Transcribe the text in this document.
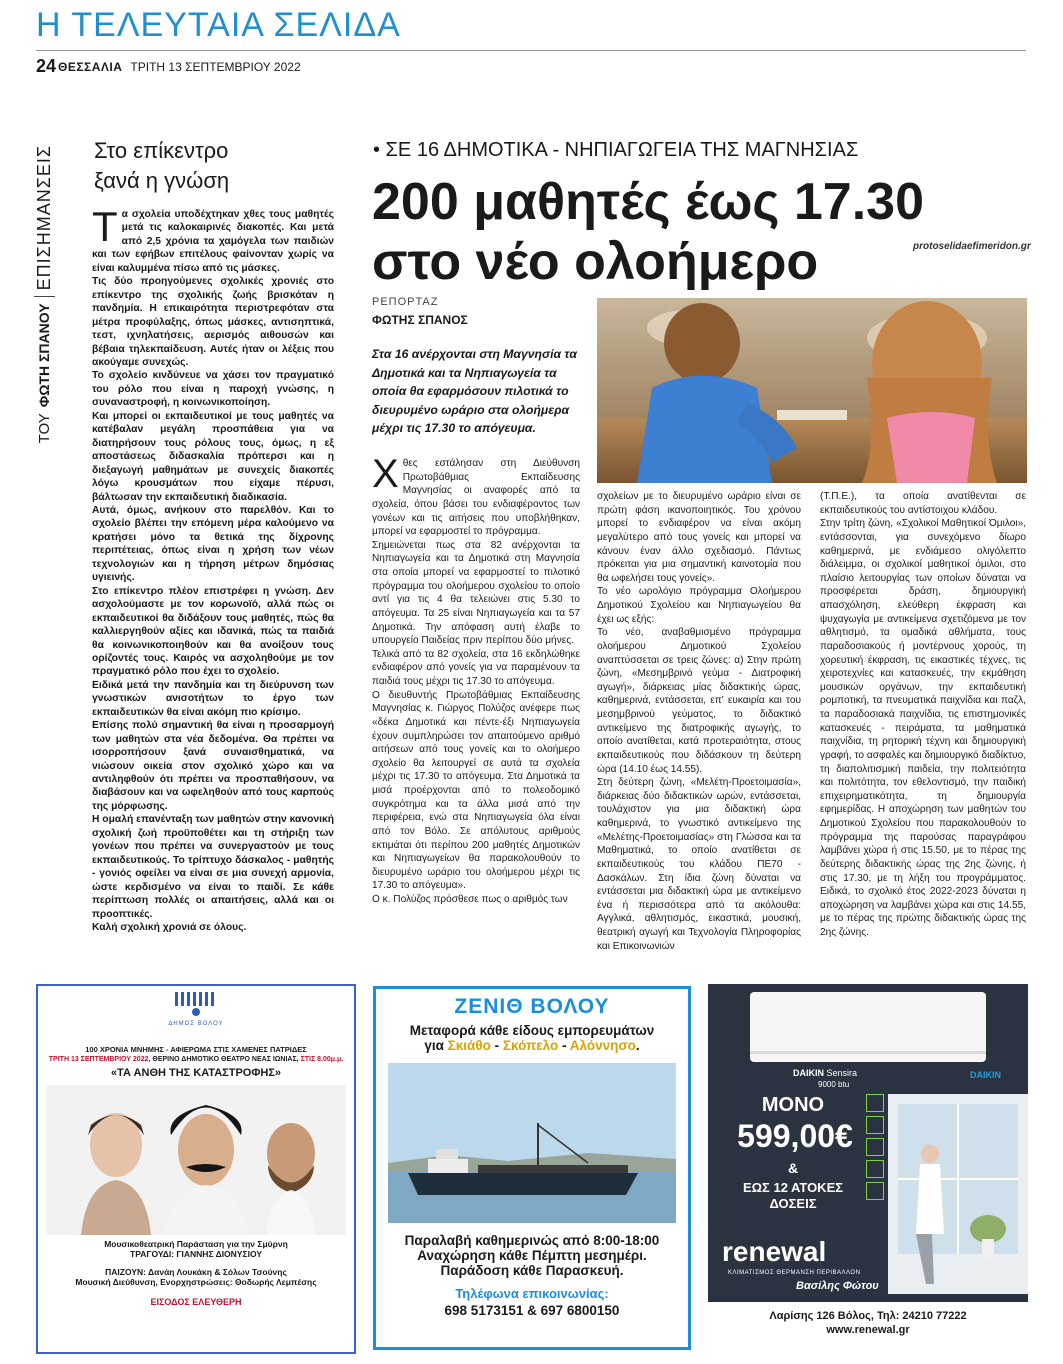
Η ΤΕΛΕΥΤΑΙΑ ΣΕΛΙΔΑ
24 ΘΕΣΣΑΛΙΑ ΤΡΙΤΗ 13 ΣΕΠΤΕΜΒΡΙΟΥ 2022
ΤΟΥ
ΦΩΤΗ ΣΠΑΝΟΥ
ΕΠΙΣΗΜΑΝΣΕΙΣ Στο επίκεντρο
ξανά η γνώση

Τα σχολεία υποδέχτηκαν χθες τους μαθητές μετά τις καλοκαιρινές διακοπές. Και μετά από 2,5 χρόνια τα χαμόγελα των παιδιών και των εφήβων επιτέλους φαίνονταν χωρίς να είναι καλυμμένα πίσω από τις μάσκες.

Τις δύο προηγούμενες σχολικές χρονιές στο επίκεντρο της σχολικής ζωής βρισκόταν η πανδημία. Η επικαιρότητα περιστρεφόταν στα μέτρα προφύλαξης, όπως μάσκες, αντισηπτικά, τεστ, ιχνηλατήσεις, αερισμός αιθουσών και βέβαια τηλεκπαίδευση. Αυτές ήταν οι λέξεις που ακούγαμε συνεχώς.

Το σχολείο κινδύνευε να χάσει τον πραγματικό του ρόλο που είναι η παροχή γνώσης, η συναναστροφή, η κοινωνικοποίηση.

Και μπορεί οι εκπαιδευτικοί με τους μαθητές να κατέβαλαν μεγάλη προσπάθεια για να διατηρήσουν τους ρόλους τους, όμως, η εξ αποστάσεως διδασκαλία πρόπερσι και η διεξαγωγή μαθημάτων με συνεχείς διακοπές λόγω κρουσμάτων που είχαμε πέρυσι, βάλτωσαν την εκπαιδευτική διαδικασία.

Αυτά, όμως, ανήκουν στο παρελθόν. Και το σχολείο βλέπει την επόμενη μέρα καλούμενο να κρατήσει μόνο τα θετικά της δίχρονης περιπέτειας, όπως είναι η χρήση των νέων τεχνολογιών και η τήρηση μέτρων δημόσιας υγιεινής.

Στο επίκεντρο πλέον επιστρέφει η γνώση. Δεν ασχολούμαστε με τον κορωνοϊό, αλλά πώς οι εκπαιδευτικοί θα διδάξουν τους μαθητές, πώς θα καλλιεργηθούν αξίες και ιδανικά, πώς τα παιδιά θα κοινωνικοποιηθούν και θα ανοίξουν τους ορίζοντές τους. Καιρός να ασχοληθούμε με τον πραγματικό ρόλο που έχει το σχολείο.

Ειδικά μετά την πανδημία και τη διεύρυνση των γνωστικών ανισοτήτων το έργο των εκπαιδευτικών θα είναι ακόμη πιο κρίσιμο.

Επίσης πολύ σημαντική θα είναι η προσαρμογή των μαθητών στα νέα δεδομένα. Θα πρέπει να ισορροπήσουν ξανά συναισθηματικά, να νιώσουν οικεία στον σχολικό χώρο και να αντιληφθούν ότι πρέπει να προσπαθήσουν, να διαβάσουν και να ωφεληθούν από τους καρπούς της μόρφωσης.

Η ομαλή επανένταξη των μαθητών στην κανονική σχολική ζωή προϋποθέτει και τη στήριξη των γονέων που πρέπει να συνεργαστούν με τους εκπαιδευτικούς. Το τρίπτυχο δάσκαλος - μαθητής - γονιός οφείλει να είναι σε μια συνεχή αρμονία, ώστε κερδισμένο να είναι το παιδί. Σε κάθε περίπτωση πολλές οι απαιτήσεις, αλλά και οι προοπτικές.

Καλή σχολική χρονιά σε όλους.

• ΣΕ 16 ΔΗΜΟΤΙΚΑ - ΝΗΠΙΑΓΩΓΕΙΑ ΤΗΣ ΜΑΓΝΗΣΙΑΣ
200 μαθητές έως 17.30
στο νέο ολοήμερο	protoselidaefimeridon.gr
ΡΕΠΟΡΤΑΖ
ΦΩΤΗΣ ΣΠΑΝΟΣ
Στα 16 ανέρχονται στη Μαγνησία τα Δημοτικά και τα Νηπιαγωγεία τα οποία θα εφαρμόσουν πιλοτικά το διευρυμένο ωράριο στα ολοήμερα μέχρι τις 17.30 το απόγευμα.

Χθες εστάλησαν στη Διεύθυνση Πρωτοβάθμιας Εκπαίδευσης Μαγνησίας οι αναφορές από τα σχολεία, όπου βάσει του ενδιαφέροντος των γονέων και τις αιτήσεις που υποβλήθηκαν, μπορεί να εφαρμοστεί το πρόγραμμα.

Σημειώνεται πως στα 82 ανέρχονται τα Νηπιαγωγεία και τα Δημοτικά στη Μαγνησία στα οποία μπορεί να εφαρμοστεί το πιλοτικό πρόγραμμα του ολοήμερου σχολείου το οποίο αντί για τις 4 θα τελειώνει στις 5.30 το απόγευμα. Τα 25 είναι Νηπιαγωγεία και τα 57 Δημοτικά. Την απόφαση αυτή έλαβε το υπουργείο Παιδείας πριν περίπου δύο μήνες.

Τελικά από τα 82 σχολεία, στα 16 εκδηλώθηκε ενδιαφέρον από γονείς για να παραμένουν τα παιδιά τους μέχρι τις 17.30 το απόγευμα.

Ο διευθυντής Πρωτοβάθμιας Εκπαίδευσης Μαγνησίας κ. Γιώργος Πολύζος ανέφερε πως «δέκα Δημοτικά και πέντε-έξι Νηπιαγωγεία έχουν συμπληρώσει τον απαιτούμενο αριθμό αιτήσεων από τους γονείς και το ολοήμερο σχολείο θα λειτουργεί σε αυτά τα σχολεία μέχρι τις 17.30 το απόγευμα. Στα Δημοτικά τα μισά προέρχονται από το πολεοδομικό συγκρότημα και τα άλλα μισά από την περιφέρεια, ενώ στα Νηπιαγωγεία όλα είναι από τον Βόλο. Σε απόλυτους αριθμούς εκτιμάται ότι περίπου 200 μαθητές Δημοτικών και Νηπιαγωγείων θα παρακολουθούν το διευρυμένο ωράριο του ολοήμερου μέχρι τις 17.30 το απόγευμα».

Ο κ. Πολύζος πρόσθεσε πως ο αριθμός των

σχολείων με το διευρυμένο ωράριο είναι σε πρώτη φάση ικανοποιητικός. Του χρόνου μπορεί το ενδιαφέρον να είναι ακόμη μεγαλύτερο από τους γονείς και μπορεί να κάνουν έναν άλλο σχεδιασμό. Πάντως πρόκειται για μια σημαντική καινοτομία που θα ωφελήσει τους γονείς».

Το νέο ωρολόγιο πρόγραμμα Ολοήμερου Δημοτικού Σχολείου και Νηπιαγωγείου θα έχει ως εξής:

Το νέο, αναβαθμισμένο πρόγραμμα ολοήμερου Δημοτικού Σχολείου αναπτύσσεται σε τρεις ζώνες: α) Στην πρώτη ζώνη, «Μεσημβρινό γεύμα - Διατροφική αγωγή», διάρκειας μίας διδακτικής ώρας, καθημερινά, εντάσσεται, επ' ευκαιρία και του μεσημβρινού γεύματος, το διδακτικό αντικείμενο της διατροφικής αγωγής, το οποίο ανατίθεται, κατά προτεραιότητα, στους εκπαιδευτικούς που διδάσκουν τη δεύτερη ώρα (14.10 έως 14.55).

Στη δεύτερη ζώνη, «Μελέτη-Προετοιμασία», διάρκειας δύο διδακτικών ωρών, εντάσσεται, τουλάχιστον για μια διδακτική ώρα καθημερινά, το γνωστικό αντικείμενο της «Μελέτης-Προετοιμασίας» στη Γλώσσα και τα Μαθηματικά, το οποίο ανατίθεται σε εκπαιδευτικούς του κλάδου ΠΕ70 - Δασκάλων. Στη ίδια ζώνη δύναται να εντάσσεται μια διδακτική ώρα με αντικείμενο ένα ή περισσότερα από τα ακόλουθα: Αγγλικά, αθλητισμός, εικαστικά, μουσική, θεατρική αγωγή και Τεχνολογία Πληροφορίας και Επικοινωνιών

(Τ.Π.Ε.), τα οποία ανατίθενται σε εκπαιδευτικούς του αντίστοιχου κλάδου.

Στην τρίτη ζώνη, «Σχολικοί Μαθητικοί Όμιλοι», εντάσσονται, για συνεχόμενο δίωρο καθημερινά, με ενδιάμεσο ολιγόλεπτο διάλειμμα, οι σχολικοί μαθητικοί όμιλοι, στο πλαίσιο λειτουργίας των οποίων δύναται να προσφέρεται δράση, δημιουργική απασχόληση, ελεύθερη έκφραση και ψυχαγωγία με αντικείμενα σχετιζόμενα με τον αθλητισμό, τα ομαδικά αθλήματα, τους παραδοσιακούς ή μοντέρνους χορούς, τη χορευτική έκφραση, τις εικαστικές τέχνες, τις χειροτεχνίες και κατασκευές, την εκμάθηση μουσικών οργάνων, την εκπαιδευτική ρομποτική, τα πνευματικά παιχνίδια και παζλ, τα παραδοσιακά παιχνίδια, τις επιστημονικές κατασκευές - πειράματα, τα μαθηματικά παιχνίδια, τη ρητορική τέχνη και δημιουργική γραφή, το ασφαλές και δημιουργικό διαδίκτυο, τη διαπολιτισμική παιδεία, την πολιτειότητα και πολιτότητα, τον εθελοντισμό, την παιδική επιχειρηματικότητα, τη δημιουργία εφημερίδας. Η αποχώρηση των μαθητών του Δημοτικού Σχολείου που παρακολουθούν το πρόγραμμα της παρούσας παραγράφου λαμβάνει χώρα ή στις 15.50, με το πέρας της δεύτερης διδακτικής ώρας της 2ης ζώνης, ή στις 17.30, με τη λήξη του προγράμματος. Ειδικά, το σχολικό έτος 2022-2023 δύναται η αποχώρηση να λαμβάνει χώρα και στις 14.55, με το πέρας της πρώτης διδακτικής ώρας της 2ης ζώνης.

ΔΗΜΟΣ ΒΟΛΟΥ
100 ΧΡΟΝΙΑ ΜΝΗΜΗΣ - ΑΦΙΕΡΩΜΑ ΣΤΙΣ ΧΑΜΕΝΕΣ ΠΑΤΡΙΔΕΣ
ΤΡΙΤΗ 13 ΣΕΠΤΕΜΒΡΙΟΥ 2022, ΘΕΡΙΝΟ ΔΗΜΟΤΙΚΟ ΘΕΑΤΡΟ ΝΕΑΣ ΙΩΝΙΑΣ, ΣΤΙΣ 8.00μ.μ.
«ΤΑ ΑΝΘΗ ΤΗΣ ΚΑΤΑΣΤΡΟΦΗΣ»
Μουσικοθεατρική Παράσταση για την Σμύρνη
ΤΡΑΓΟΥΔΙ: ΓΙΑΝΝΗΣ ΔΙΟΝΥΣΙΟΥ
ΠΑΙΖΟΥΝ: Δανάη Λουκάκη & Σόλων Τσούνης
Μουσική Διεύθυνση, Ενορχηστρώσεις: Θοδωρής Λεμπέσης
ΕΙΣΟΔΟΣ ΕΛΕΥΘΕΡΗ
ΖΕΝΙΘ ΒΟΛΟΥ
Μεταφορά κάθε είδους εμπορευμάτων
για Σκιάθο - Σκόπελο - Αλόννησο.
Παραλαβή καθημερινώς από 8:00-18:00
Αναχώρηση κάθε Πέμπτη μεσημέρι.
Παράδοση κάθε Παρασκευή.
Τηλέφωνα επικοινωνίας:
698 5173151 & 697 6800150
DAIKIN Sensira
9000 btu
DAIKIN
ΜΟΝΟ
599,00€
&
ΕΩΣ 12 ΑΤΟΚΕΣ
ΔΟΣΕΙΣ
renewal
ΚΛΙΜΑΤΙΣΜΟΣ ΘΕΡΜΑΝΣΗ ΠΕΡΙΒΑΛΛΟΝ
Βασίλης Φώτου
Λαρίσης 126 Βόλος, Τηλ: 24210 77222
www.renewal.gr
